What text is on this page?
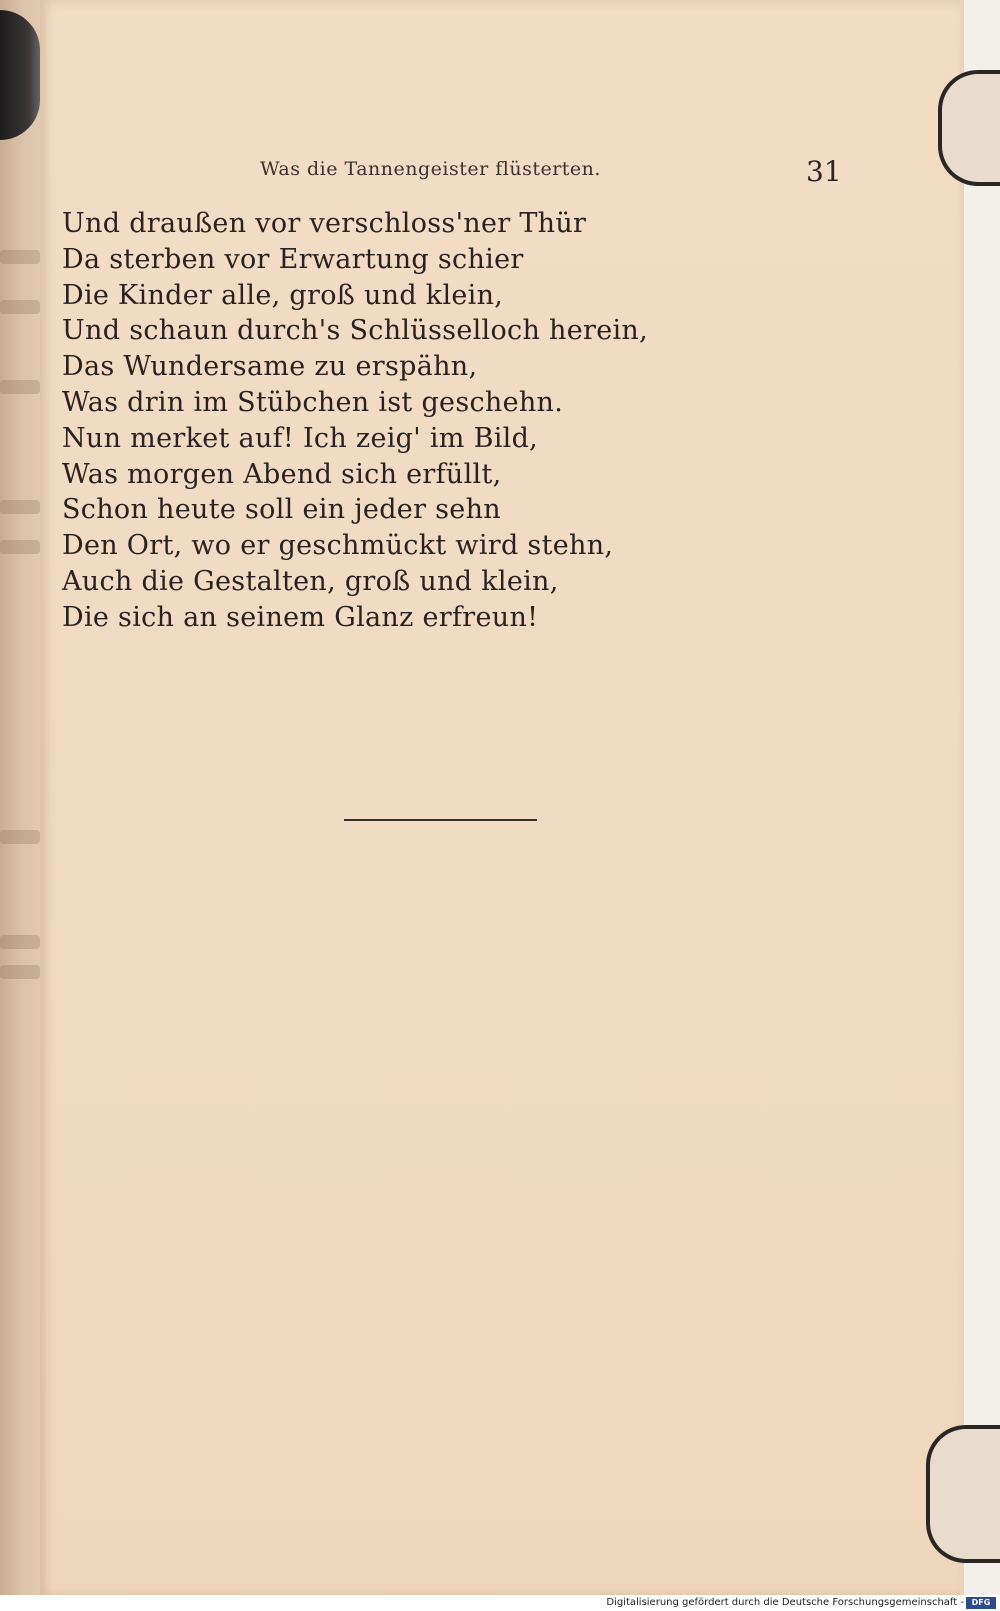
Was die Tannengeister flüsterten.	31
Und draußen vor verschloss'ner Thür
Da sterben vor Erwartung schier
Die Kinder alle, groß und klein,
Und schaun durch's Schlüsselloch herein,
Das Wundersame zu erspähn,
Was drin im Stübchen ist geschehn.
Nun merket auf! Ich zeig' im Bild,
Was morgen Abend sich erfüllt,
Schon heute soll ein jeder sehn
Den Ort, wo er geschmückt wird stehn,
Auch die Gestalten, groß und klein,
Die sich an seinem Glanz erfreun!
Digitalisierung gefördert durch die Deutsche Forschungsgemeinschaft - DFG
